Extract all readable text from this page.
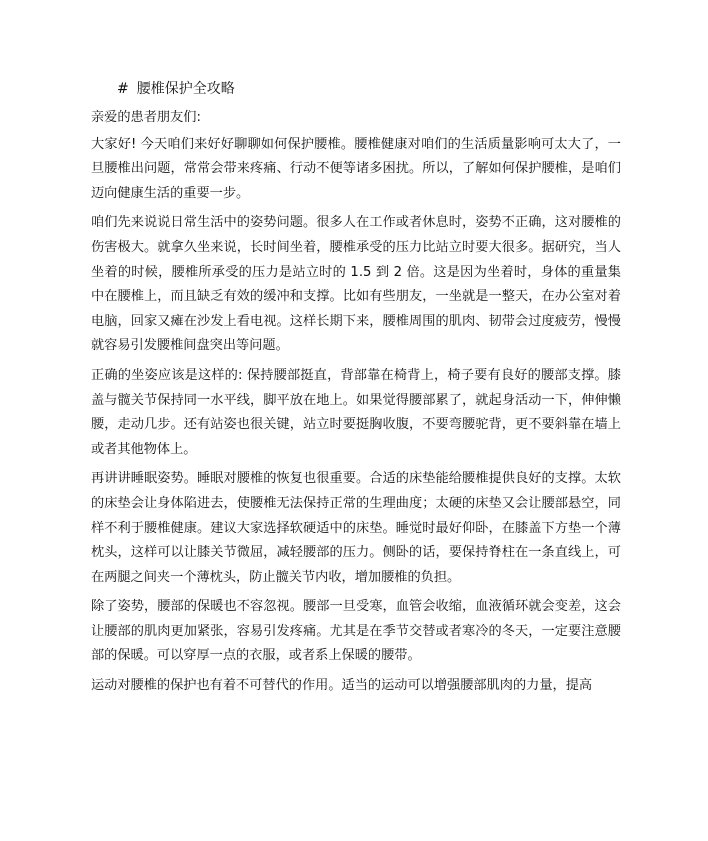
# 腰椎保护全攻略

亲爱的患者朋友们:

大家好! 今天咱们来好好聊聊如何保护腰椎。腰椎健康对咱们的生活质量影响可太大了，一旦腰椎出问题，常常会带来疼痛、行动不便等诸多困扰。所以，了解如何保护腰椎，是咱们迈向健康生活的重要一步。

咱们先来说说日常生活中的姿势问题。很多人在工作或者休息时，姿势不正确，这对腰椎的伤害极大。就拿久坐来说，长时间坐着，腰椎承受的压力比站立时要大很多。据研究，当人坐着的时候，腰椎所承受的压力是站立时的 1.5 到 2 倍。这是因为坐着时，身体的重量集中在腰椎上，而且缺乏有效的缓冲和支撑。比如有些朋友，一坐就是一整天，在办公室对着电脑，回家又瘫在沙发上看电视。这样长期下来，腰椎周围的肌肉、韧带会过度疲劳，慢慢就容易引发腰椎间盘突出等问题。

正确的坐姿应该是这样的: 保持腰部挺直，背部靠在椅背上，椅子要有良好的腰部支撑。膝盖与髋关节保持同一水平线，脚平放在地上。如果觉得腰部累了，就起身活动一下，伸伸懒腰，走动几步。还有站姿也很关键，站立时要挺胸收腹，不要弯腰驼背，更不要斜靠在墙上或者其他物体上。

再讲讲睡眠姿势。睡眠对腰椎的恢复也很重要。合适的床垫能给腰椎提供良好的支撑。太软的床垫会让身体陷进去，使腰椎无法保持正常的生理曲度；太硬的床垫又会让腰部悬空，同样不利于腰椎健康。建议大家选择软硬适中的床垫。睡觉时最好仰卧，在膝盖下方垫一个薄枕头，这样可以让膝关节微屈，减轻腰部的压力。侧卧的话，要保持脊柱在一条直线上，可在两腿之间夹一个薄枕头，防止髋关节内收，增加腰椎的负担。

除了姿势，腰部的保暖也不容忽视。腰部一旦受寒，血管会收缩，血液循环就会变差，这会让腰部的肌肉更加紧张，容易引发疼痛。尤其是在季节交替或者寒冷的冬天，一定要注意腰部的保暖。可以穿厚一点的衣服，或者系上保暖的腰带。

运动对腰椎的保护也有着不可替代的作用。适当的运动可以增强腰部肌肉的力量，提高
